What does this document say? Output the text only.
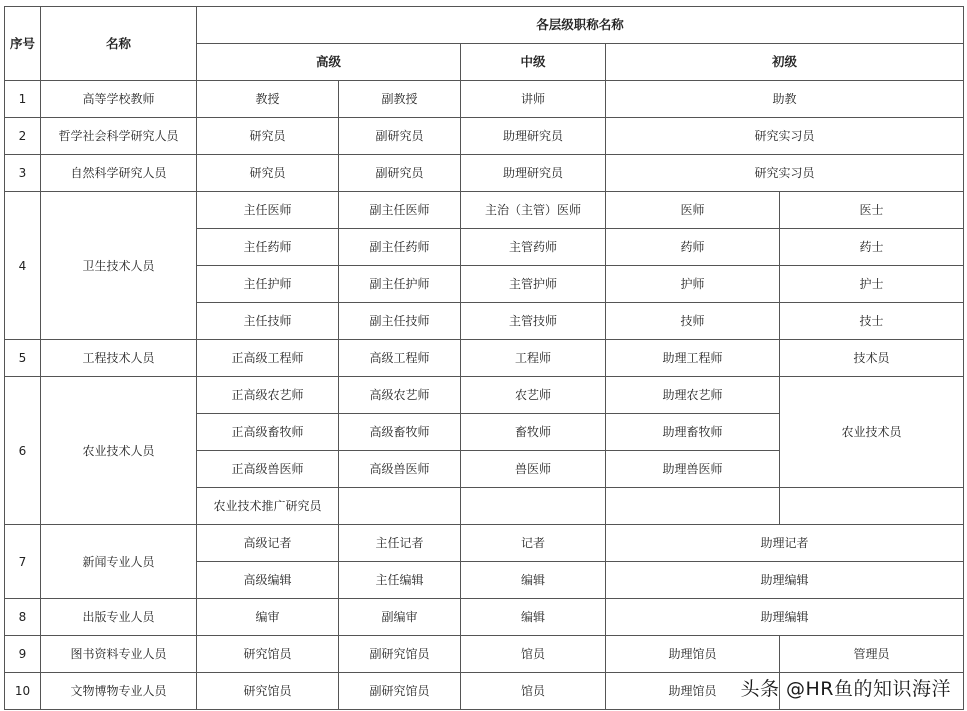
序号	名称	各层级职称名称				
		高级		中级	初级	
1	高等学校教师	教授	副教授	讲师	助教	
2	哲学社会科学研究人员	研究员	副研究员	助理研究员	研究实习员	
3	自然科学研究人员	研究员	副研究员	助理研究员	研究实习员	
4	卫生技术人员	主任医师	副主任医师	主治（主管）医师	医师	医士
		主任药师	副主任药师	主管药师	药师	药士
		主任护师	副主任护师	主管护师	护师	护士
		主任技师	副主任技师	主管技师	技师	技士
5	工程技术人员	正高级工程师	高级工程师	工程师	助理工程师	技术员
6	农业技术人员	正高级农艺师	高级农艺师	农艺师	助理农艺师	农业技术员
		正高级畜牧师	高级畜牧师	畜牧师	助理畜牧师	
		正高级兽医师	高级兽医师	兽医师	助理兽医师	
		农业技术推广研究员				
7	新闻专业人员	高级记者	主任记者	记者	助理记者	
		高级编辑	主任编辑	编辑	助理编辑	
8	出版专业人员	编审	副编审	编辑	助理编辑	
9	图书资料专业人员	研究馆员	副研究馆员	馆员	助理馆员	管理员
10	文物博物专业人员	研究馆员	副研究馆员	馆员	助理馆员	头条 @HR鱼的知识海洋
